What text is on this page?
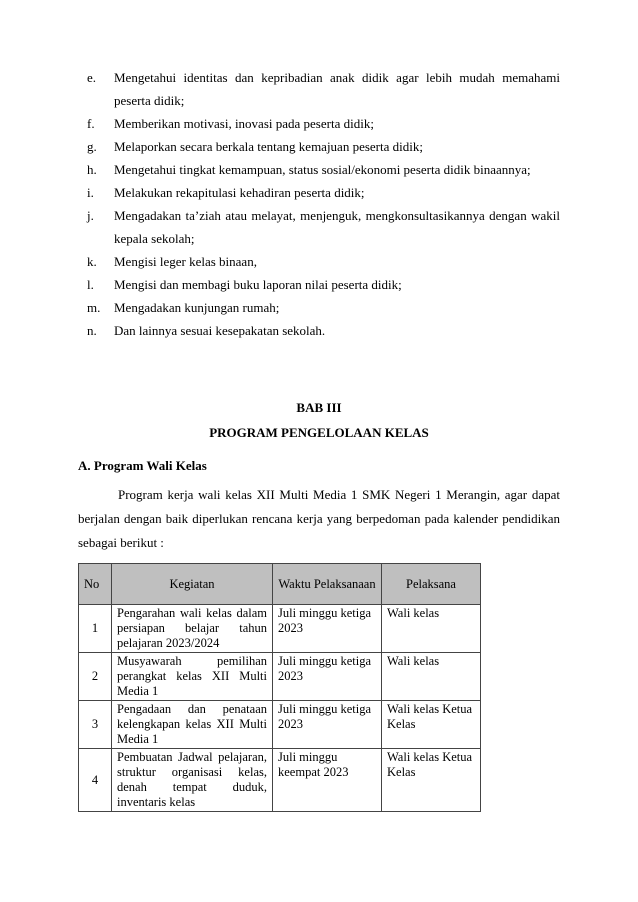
e. Mengetahui identitas dan kepribadian anak didik agar lebih mudah memahami peserta didik;
f. Memberikan motivasi, inovasi pada peserta didik;
g. Melaporkan secara berkala tentang kemajuan peserta didik;
h. Mengetahui tingkat kemampuan, status sosial/ekonomi peserta didik binaannya;
i. Melakukan rekapitulasi kehadiran peserta didik;
j. Mengadakan ta’ziah atau melayat, menjenguk, mengkonsultasikannya dengan wakil kepala sekolah;
k. Mengisi leger kelas binaan,
l. Mengisi dan membagi buku laporan nilai peserta didik;
m. Mengadakan kunjungan rumah;
n. Dan lainnya sesuai kesepakatan sekolah.
BAB III
PROGRAM PENGELOLAAN KELAS
A. Program Wali Kelas
Program kerja wali kelas XII Multi Media 1 SMK Negeri 1 Merangin, agar dapat berjalan dengan baik diperlukan rencana kerja yang berpedoman pada kalender pendidikan sebagai berikut :
No	Kegiatan	Waktu Pelaksanaan	Pelaksana
1	Pengarahan wali kelas dalam persiapan belajar tahun pelajaran 2023/2024	Juli minggu ketiga 2023	Wali kelas
2	Musyawarah pemilihan perangkat kelas XII Multi Media 1	Juli minggu ketiga 2023	Wali kelas
3	Pengadaan dan penataan kelengkapan kelas XII Multi Media 1	Juli minggu ketiga 2023	Wali kelas Ketua Kelas
4	Pembuatan Jadwal pelajaran, struktur organisasi kelas, denah tempat duduk, inventaris kelas	Juli minggu keempat 2023	Wali kelas Ketua Kelas
